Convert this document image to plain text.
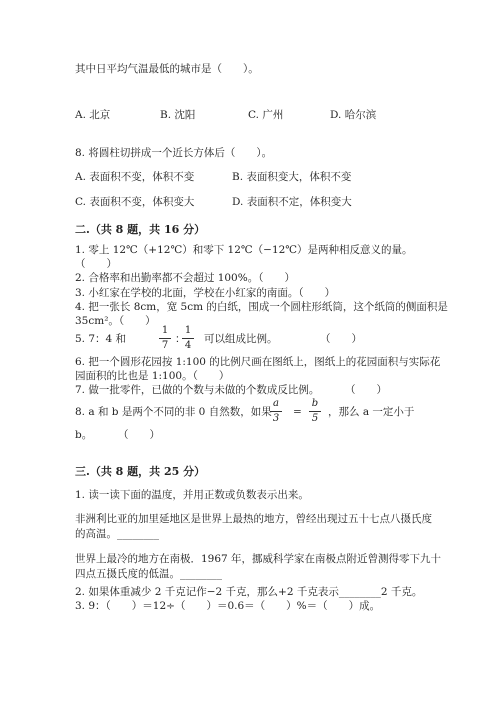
其中日平均气温最低的城市是（　　）。
A. 北京	B. 沈阳	C. 广州	D. 哈尔滨
8. 将圆柱切拼成一个近长方体后（　　）。
A. 表面积不变，体积不变	B. 表面积变大，体积不变
C. 表面积不变，体积变大	D. 表面积不定，体积变大
二.（共 8 题，共 16 分）
1. 零上 12℃（+12℃）和零下 12℃（−12℃）是两种相反意义的量。
（　　）
2. 合格率和出勤率都不会超过 100%。（　　）
3. 小红家在学校的北面，学校在小红家的南面。（　　）
4. 把一张长 8cm，宽 5cm 的白纸，围成一个圆柱形纸筒，这个纸筒的侧面积是
35cm²。（　　）
5. 7：4 和
1
7
：
1
4
可以组成比例。	（　　）
6. 把一个圆形花园按 1:100 的比例尺画在图纸上，图纸上的花园面积与实际花
园面积的比也是 1:100。（　　）
7. 做一批零件，已做的个数与未做的个数成反比例。 （　　）
8. a 和 b 是两个不同的非 0 自然数，如果
a
3
=
b
5
，那么 a 一定小于
b。 （　　）
三.（共 8 题，共 25 分）
1. 读一读下面的温度，并用正数或负数表示出来。
非洲利比亚的加里延地区是世界上最热的地方，曾经出现过五十七点八摄氏度
的高温。________
世界上最冷的地方在南极．1967 年，挪威科学家在南极点附近曾测得零下九十
四点五摄氏度的低温。________
2. 如果体重减少 2 千克记作−2 千克，那么+2 千克表示________2 千克。
3. 9：（　　）＝12÷（　　）＝0.6＝（　　）%＝（　　）成。
